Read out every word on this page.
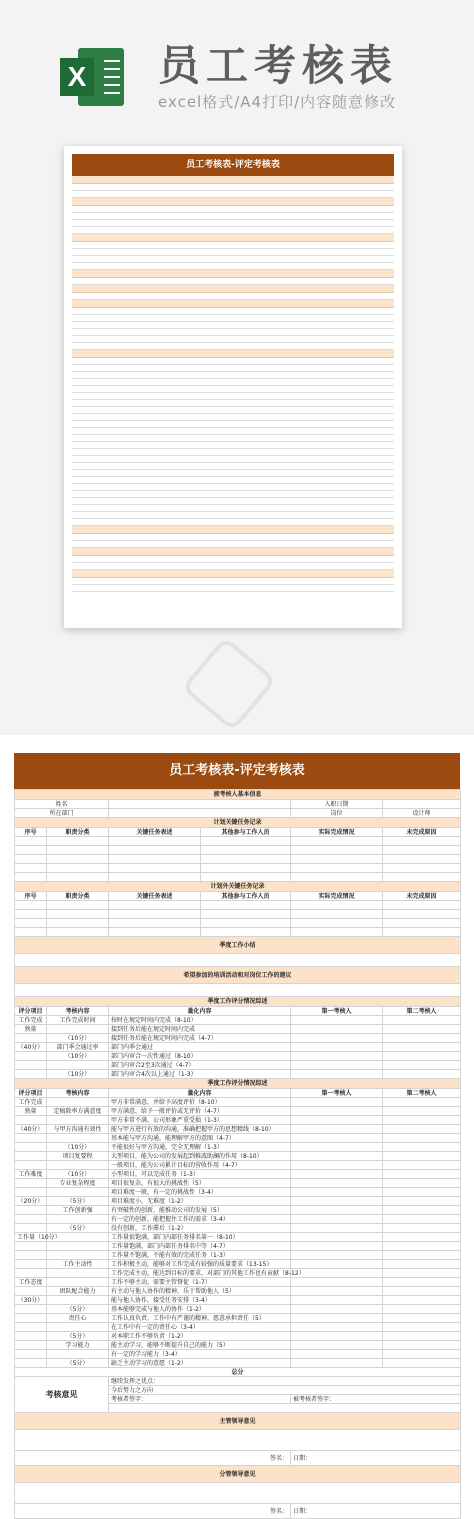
X 员工考核表
excel格式/A4打印/内容随意修改
员工考核表-评定考核表
员工考核表-评定考核表
被考核人基本信息					
姓名				入职日期	
所在部门				岗位	设计师
计划关键任务记录					
序号	职责分类	关键任务表述	其他参与工作人员	实际完成情况	未完成原因

计划外关键任务记录					
序号	职责分类	关键任务表述	其他参与工作人员	实际完成情况	未完成原因

季度工作小结					

希望参加的培训活动和对岗位工作的建议					

季度工作评分情况综述					
评分项目	考核内容	量化内容		第一考核人	第二考核人
工作完成	工作完成时间	按时在规定时间内完成（8-10）			
熟量		接到任务后能在规定时间内完成			
	（10分）	接到任务后能在规定时间内完成（4-7）			
（40分）	部门季会通过率	部门内季会通过			
	（10分）	部门内审合一次性通过（8-10）			
		部门内审合2至3次通过（4-7）			
	（10分）	部门内审合4次以上通过（1-3）			
季度工作评分情况综述					
评分项目	考核内容	量化内容		第一考核人	第二考核人
工作完成		甲方非常满意，并给予高度评价（8-10）			
熟量	定稿除率方满意度	甲方满意，给予一般评价或无评价（4-7）			
		甲方非常不满，公司形象严重受损（1-3）			
（40分）	与甲方沟通有效性	能与甲方进行有效的沟通，准确把握甲方的思想精线（8-10）			
		基本能与甲方沟通，能理解甲方的意图（4-7）			
	（10分）	不能很好与甲方沟通，完全无理解（1-3）			
	项目复要程	大型项目，能为公司的发展起到推波助澜的作用（8-10）			
		一般项目，能为公司累计目标的营收作用（4-7）			
工作难度	（10分）	小型项目，可以完成任务（1-3）			
	专业复杂程度	项目很复杂，有很大的挑战性（5）			
		项目难度一般，有一定的挑战性（3-4）			
（20分）	（5分）	项目难度小，无难度（1-2）			
	工作创新强	有突破性的创新，能推动公司的发展（5）			
		有一定的创新，能把握住工作的需求（3-4）			
	（5分）	没有创新，工作滞后（1-2）			
工作量（10分）		工作量很饱满，部门内部任务排名第一（8-10）			
		工作量饱满，部门内部任务排名中等（4-7）			
		工作量不饱满，不能有效的完成任务（1-3）			
	工作主动性	工作积极主动，能够对工作完成有较强的质量要求（13-15）			
		工作完成主动，能达到目标的要求，对部门的其他工作也有贡献（8-12）			
工作态度		工作不够主动，需要主管督促（1-7）			
	团队配合能力	有主动与他人协作的精神，乐于帮助他人（5）			
（30分）		能与他人协作，接受任务安排（3-4）			
	（5分）	基本能够完成与他人的协作（1-2）			
	责任心	工作认真负责，工作中有严谨的精神，愿意承担责任（5）			
		在工作中有一定的责任心（3-4）			
	（5分）	对本职工作不够负责（1-2）			
	学习能力	能主动学习，能够不断提升自己的能力（5）			
		有一定的学习能力（3-4）			
	（5分）	缺乏主动学习的意愿（1-2）			
总分					
考核意见		继续发挥之优点：			
		今后努力之方向			
		考核者签字：		被考核者签字：	

主管领导意见					

签名：				日期：	
分管领导意见					

签名：				日期：	
